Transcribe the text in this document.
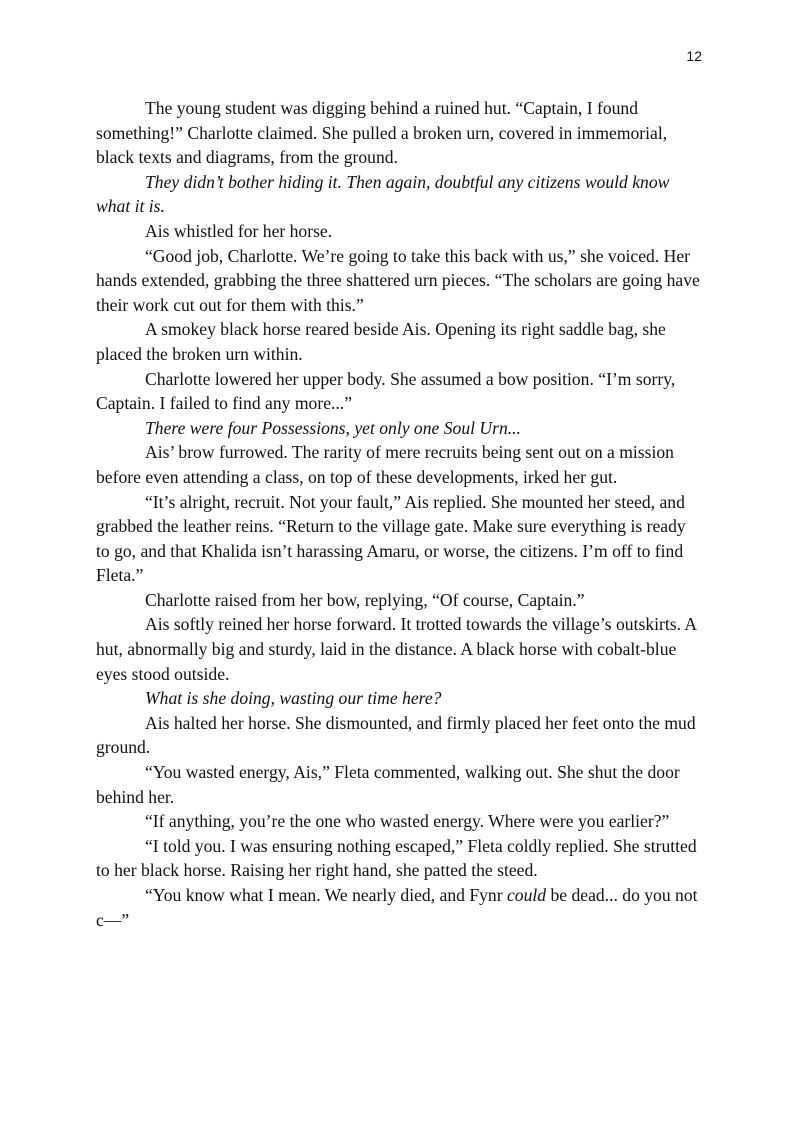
12

The young student was digging behind a ruined hut. “Captain, I found something!” Charlotte claimed. She pulled a broken urn, covered in immemorial, black texts and diagrams, from the ground.

They didn’t bother hiding it. Then again, doubtful any citizens would know what it is.

Ais whistled for her horse.

“Good job, Charlotte. We’re going to take this back with us,” she voiced. Her hands extended, grabbing the three shattered urn pieces. “The scholars are going have their work cut out for them with this.”

A smokey black horse reared beside Ais. Opening its right saddle bag, she placed the broken urn within.

Charlotte lowered her upper body. She assumed a bow position. “I’m sorry, Captain. I failed to find any more...”

There were four Possessions, yet only one Soul Urn...

Ais’ brow furrowed. The rarity of mere recruits being sent out on a mission before even attending a class, on top of these developments, irked her gut.

“It’s alright, recruit. Not your fault,” Ais replied. She mounted her steed, and grabbed the leather reins. “Return to the village gate. Make sure everything is ready to go, and that Khalida isn’t harassing Amaru, or worse, the citizens. I’m off to find Fleta.”

Charlotte raised from her bow, replying, “Of course, Captain.”

Ais softly reined her horse forward. It trotted towards the village’s outskirts. A hut, abnormally big and sturdy, laid in the distance. A black horse with cobalt-blue eyes stood outside.

What is she doing, wasting our time here?

Ais halted her horse. She dismounted, and firmly placed her feet onto the mud ground.

“You wasted energy, Ais,” Fleta commented, walking out. She shut the door behind her.

“If anything, you’re the one who wasted energy. Where were you earlier?”

“I told you. I was ensuring nothing escaped,” Fleta coldly replied. She strutted to her black horse. Raising her right hand, she patted the steed.

“You know what I mean. We nearly died, and Fynr could be dead... do you not c—”
